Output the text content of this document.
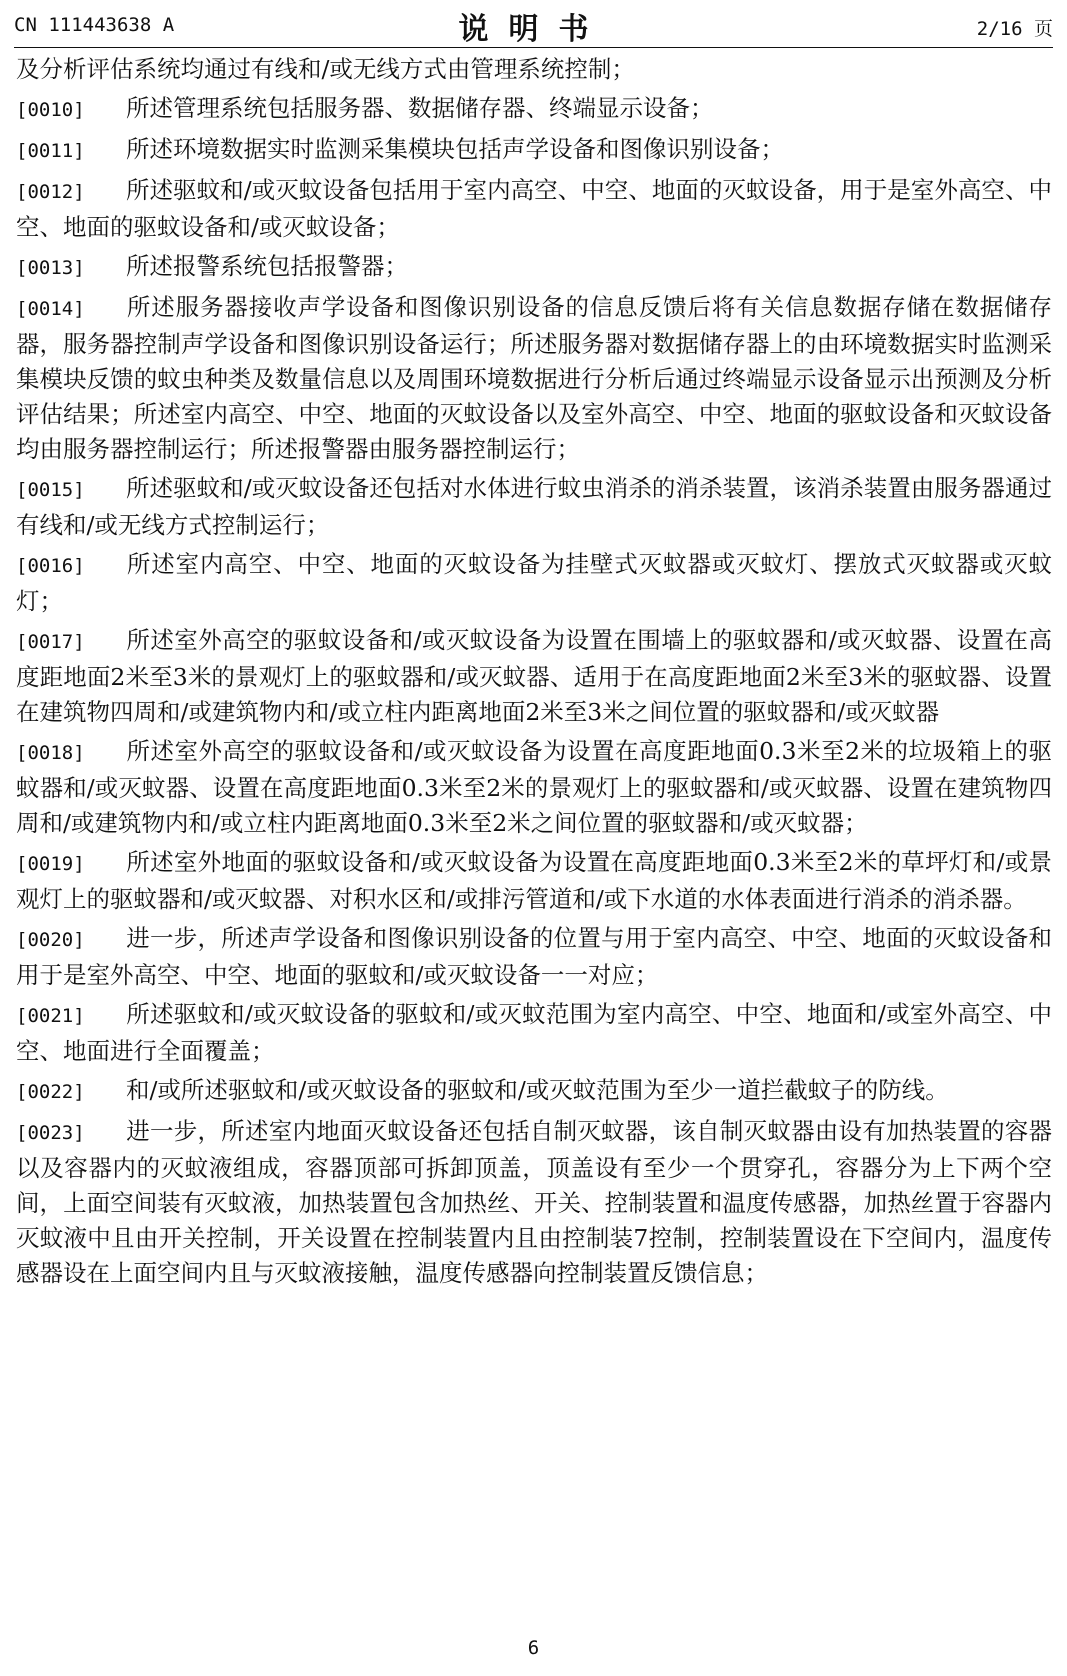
CN 111443638 A	说明书	2/16 页

及分析评估系统均通过有线和/或无线方式由管理系统控制；

[0010] 所述管理系统包括服务器、数据储存器、终端显示设备；

[0011] 所述环境数据实时监测采集模块包括声学设备和图像识别设备；

[0012] 所述驱蚊和/或灭蚊设备包括用于室内高空、中空、地面的灭蚊设备，用于是室外高空、中空、地面的驱蚊设备和/或灭蚊设备；

[0013] 所述报警系统包括报警器；

[0014] 所述服务器接收声学设备和图像识别设备的信息反馈后将有关信息数据存储在数据储存器，服务器控制声学设备和图像识别设备运行；所述服务器对数据储存器上的由环境数据实时监测采集模块反馈的蚊虫种类及数量信息以及周围环境数据进行分析后通过终端显示设备显示出预测及分析评估结果；所述室内高空、中空、地面的灭蚊设备以及室外高空、中空、地面的驱蚊设备和灭蚊设备均由服务器控制运行；所述报警器由服务器控制运行；

[0015] 所述驱蚊和/或灭蚊设备还包括对水体进行蚊虫消杀的消杀装置，该消杀装置由服务器通过有线和/或无线方式控制运行；

[0016] 所述室内高空、中空、地面的灭蚊设备为挂壁式灭蚊器或灭蚊灯、摆放式灭蚊器或灭蚊灯；

[0017] 所述室外高空的驱蚊设备和/或灭蚊设备为设置在围墙上的驱蚊器和/或灭蚊器、设置在高度距地面2米至3米的景观灯上的驱蚊器和/或灭蚊器、适用于在高度距地面2米至3米的驱蚊器、设置在建筑物四周和/或建筑物内和/或立柱内距离地面2米至3米之间位置的驱蚊器和/或灭蚊器

[0018] 所述室外高空的驱蚊设备和/或灭蚊设备为设置在高度距地面0.3米至2米的垃圾箱上的驱蚊器和/或灭蚊器、设置在高度距地面0.3米至2米的景观灯上的驱蚊器和/或灭蚊器、设置在建筑物四周和/或建筑物内和/或立柱内距离地面0.3米至2米之间位置的驱蚊器和/或灭蚊器；

[0019] 所述室外地面的驱蚊设备和/或灭蚊设备为设置在高度距地面0.3米至2米的草坪灯和/或景观灯上的驱蚊器和/或灭蚊器、对积水区和/或排污管道和/或下水道的水体表面进行消杀的消杀器。

[0020] 进一步，所述声学设备和图像识别设备的位置与用于室内高空、中空、地面的灭蚊设备和用于是室外高空、中空、地面的驱蚊和/或灭蚊设备一一对应；

[0021] 所述驱蚊和/或灭蚊设备的驱蚊和/或灭蚊范围为室内高空、中空、地面和/或室外高空、中空、地面进行全面覆盖；

[0022] 和/或所述驱蚊和/或灭蚊设备的驱蚊和/或灭蚊范围为至少一道拦截蚊子的防线。

[0023] 进一步，所述室内地面灭蚊设备还包括自制灭蚊器，该自制灭蚊器由设有加热装置的容器以及容器内的灭蚊液组成，容器顶部可拆卸顶盖，顶盖设有至少一个贯穿孔，容器分为上下两个空间，上面空间装有灭蚊液，加热装置包含加热丝、开关、控制装置和温度传感器，加热丝置于容器内灭蚊液中且由开关控制，开关设置在控制装置内且由控制装7控制，控制装置设在下空间内，温度传感器设在上面空间内且与灭蚊液接触，温度传感器向控制装置反馈信息；

6
